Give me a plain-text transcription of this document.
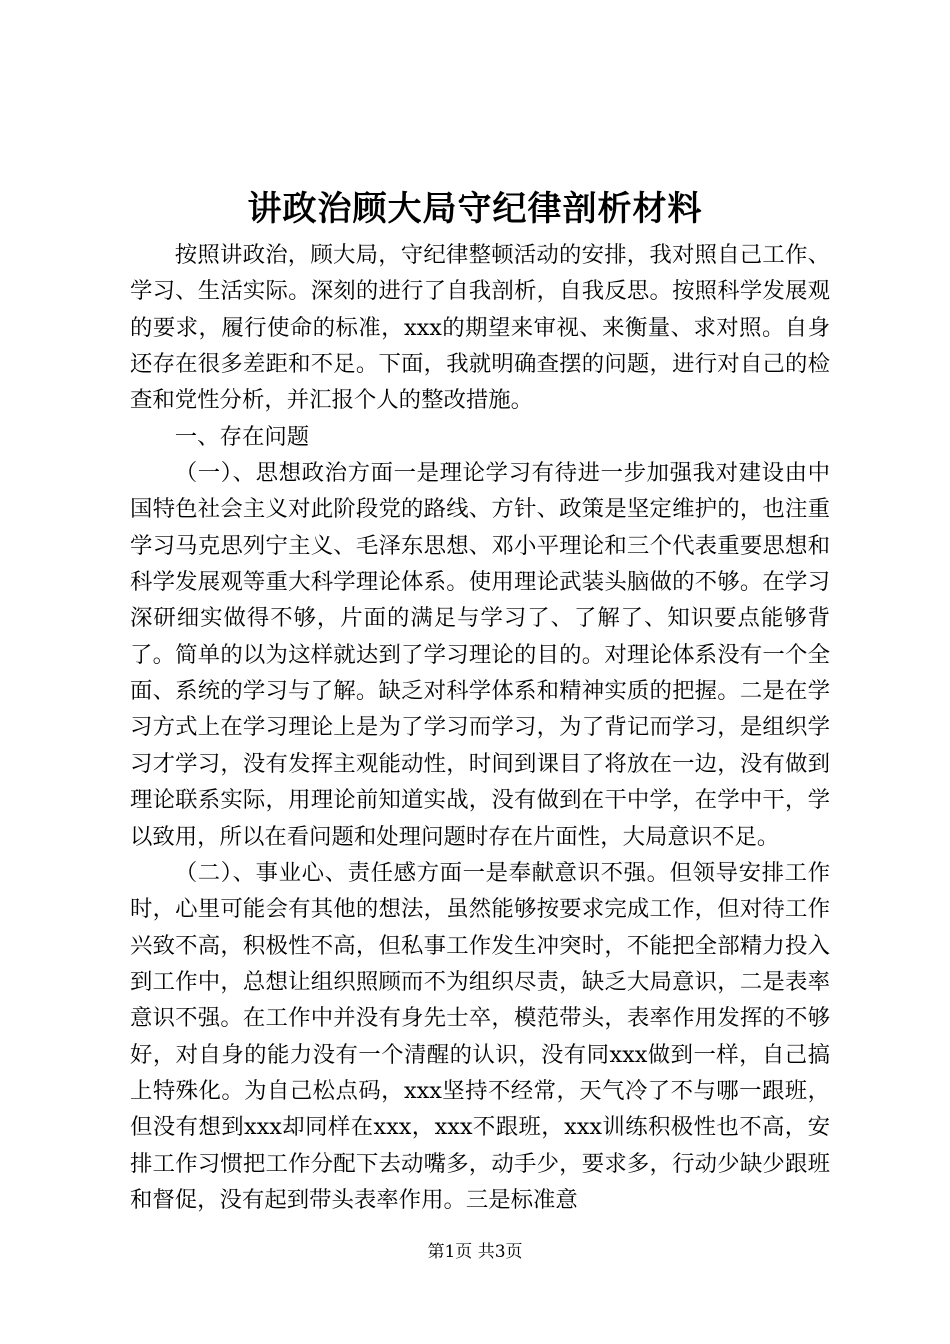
讲政治顾大局守纪律剖析材料

按照讲政治，顾大局，守纪律整顿活动的安排，我对照自己工作、学习、生活实际。深刻的进行了自我剖析，自我反思。按照科学发展观的要求，履行使命的标准，xxx的期望来审视、来衡量、求对照。自身还存在很多差距和不足。下面，我就明确查摆的问题，进行对自己的检查和党性分析，并汇报个人的整改措施。

一、存在问题

（一）、思想政治方面一是理论学习有待进一步加强我对建设由中国特色社会主义对此阶段党的路线、方针、政策是坚定维护的，也注重学习马克思列宁主义、毛泽东思想、邓小平理论和三个代表重要思想和科学发展观等重大科学理论体系。使用理论武装头脑做的不够。在学习深研细实做得不够，片面的满足与学习了、了解了、知识要点能够背了。简单的以为这样就达到了学习理论的目的。对理论体系没有一个全面、系统的学习与了解。缺乏对科学体系和精神实质的把握。二是在学习方式上在学习理论上是为了学习而学习，为了背记而学习，是组织学习才学习，没有发挥主观能动性，时间到课目了将放在一边，没有做到理论联系实际，用理论前知道实战，没有做到在干中学，在学中干，学以致用，所以在看问题和处理问题时存在片面性，大局意识不足。

（二）、事业心、责任感方面一是奉献意识不强。但领导安排工作时，心里可能会有其他的想法，虽然能够按要求完成工作，但对待工作兴致不高，积极性不高，但私事工作发生冲突时，不能把全部精力投入到工作中，总想让组织照顾而不为组织尽责，缺乏大局意识，二是表率意识不强。在工作中并没有身先士卒，模范带头，表率作用发挥的不够好，对自身的能力没有一个清醒的认识，没有同xxx做到一样，自己搞上特殊化。为自己松点码，xxx坚持不经常，天气冷了不与哪一跟班，但没有想到xxx却同样在xxx，xxx不跟班，xxx训练积极性也不高，安排工作习惯把工作分配下去动嘴多，动手少，要求多，行动少缺少跟班和督促，没有起到带头表率作用。三是标准意

第1页 共3页
